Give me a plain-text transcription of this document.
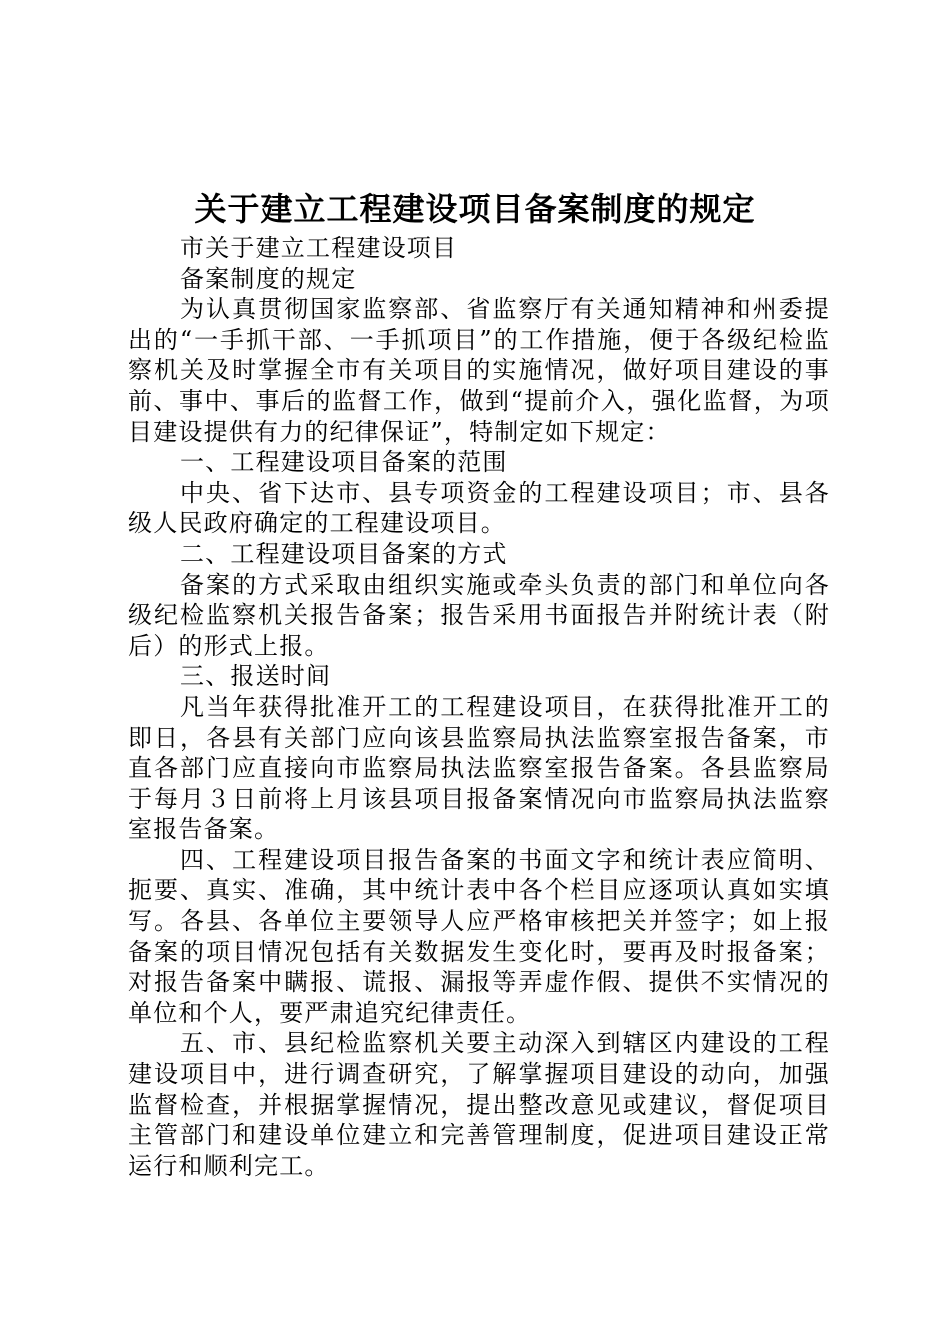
关于建立工程建设项目备案制度的规定

市关于建立工程建设项目

备案制度的规定

为认真贯彻国家监察部、省监察厅有关通知精神和州委提出的“一手抓干部、一手抓项目”的工作措施，便于各级纪检监察机关及时掌握全市有关项目的实施情况，做好项目建设的事前、事中、事后的监督工作，做到“提前介入，强化监督，为项目建设提供有力的纪律保证”，特制定如下规定：

一、工程建设项目备案的范围

中央、省下达市、县专项资金的工程建设项目；市、县各级人民政府确定的工程建设项目。

二、工程建设项目备案的方式

备案的方式采取由组织实施或牵头负责的部门和单位向各级纪检监察机关报告备案；报告采用书面报告并附统计表（附后）的形式上报。

三、报送时间

凡当年获得批准开工的工程建设项目，在获得批准开工的即日，各县有关部门应向该县监察局执法监察室报告备案，市直各部门应直接向市监察局执法监察室报告备案。各县监察局于每月３日前将上月该县项目报备案情况向市监察局执法监察室报告备案。

四、工程建设项目报告备案的书面文字和统计表应简明、扼要、真实、准确，其中统计表中各个栏目应逐项认真如实填写。各县、各单位主要领导人应严格审核把关并签字；如上报备案的项目情况包括有关数据发生变化时，要再及时报备案；对报告备案中瞒报、谎报、漏报等弄虚作假、提供不实情况的单位和个人，要严肃追究纪律责任。

五、市、县纪检监察机关要主动深入到辖区内建设的工程建设项目中，进行调查研究，了解掌握项目建设的动向，加强监督检查，并根据掌握情况，提出整改意见或建议，督促项目主管部门和建设单位建立和完善管理制度，促进项目建设正常运行和顺利完工。
